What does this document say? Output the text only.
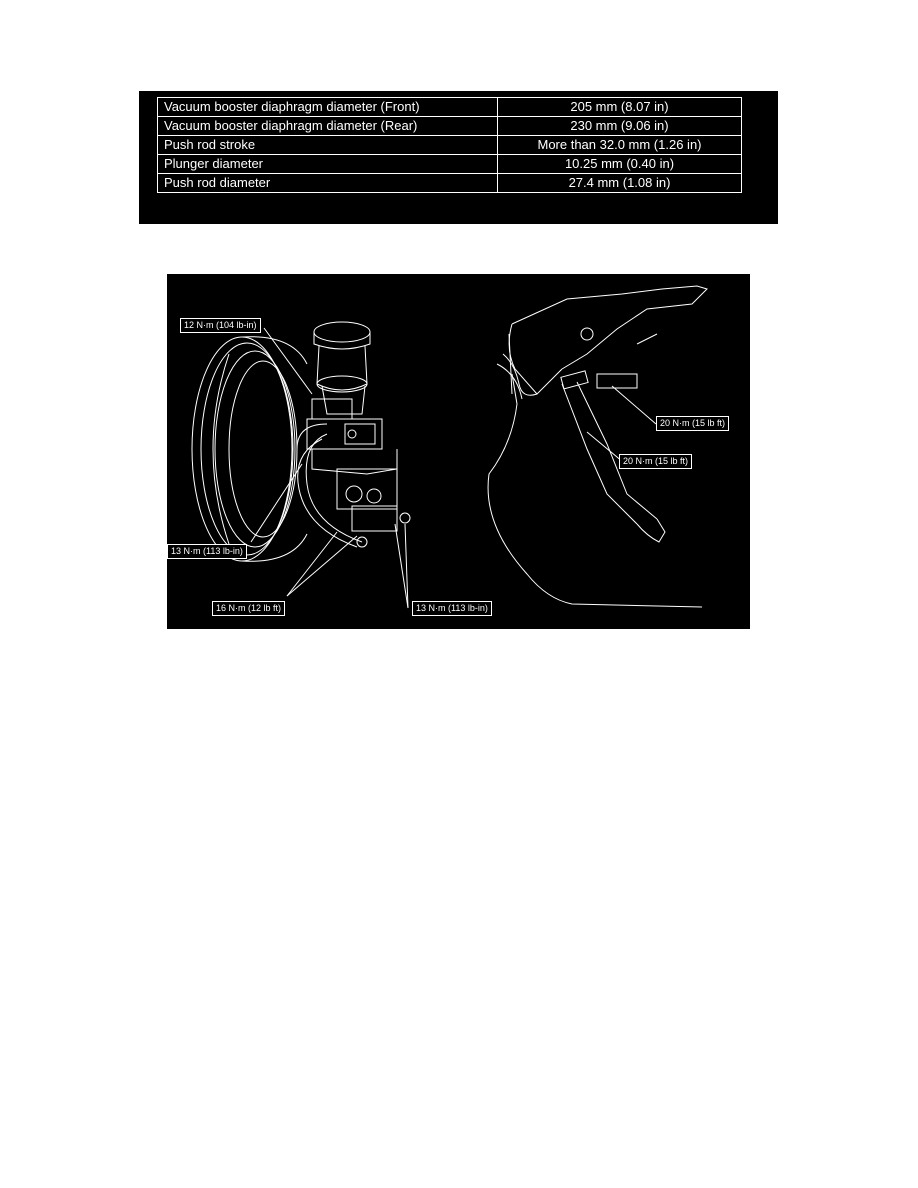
Vacuum booster diaphragm diameter (Front)	205 mm (8.07 in)
Vacuum booster diaphragm diameter (Rear)	230 mm (9.06 in)
Push rod stroke	More than 32.0 mm (1.26 in)
Plunger diameter	10.25 mm (0.40 in)
Push rod diameter	27.4 mm (1.08 in)
12 N·m (104 lb-in)
13 N·m (113 lb-in)
16 N·m (12 lb ft)	13 N·m (113 lb-in)
20 N·m (15 lb ft)
20 N·m (15 lb ft)
